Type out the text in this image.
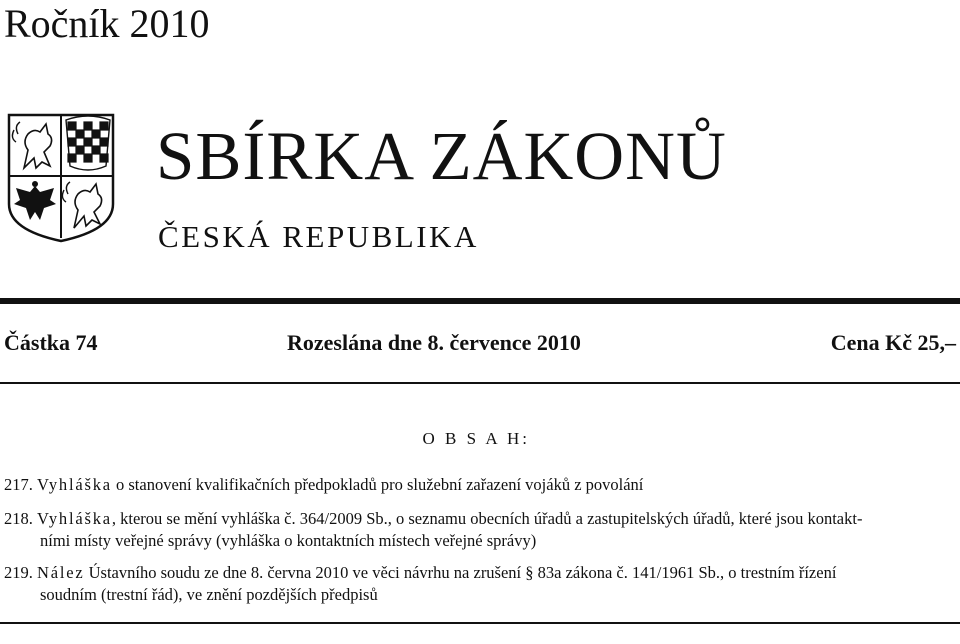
Ročník 2010
SBÍRKA ZÁKONŮ
ČESKÁ REPUBLIKA
Částka 74	Rozeslána dne 8. července 2010	Cena Kč 25,–
O B S A H:
217. Vyhláška o stanovení kvalifikačních předpokladů pro služební zařazení vojáků z povolání
218. Vyhláška, kterou se mění vyhláška č. 364/2009 Sb., o seznamu obecních úřadů a zastupitelských úřadů, které jsou kontakt-
ními místy veřejné správy (vyhláška o kontaktních místech veřejné správy)
219. Nález Ústavního soudu ze dne 8. června 2010 ve věci návrhu na zrušení § 83a zákona č. 141/1961 Sb., o trestním řízení
soudním (trestní řád), ve znění pozdějších předpisů
